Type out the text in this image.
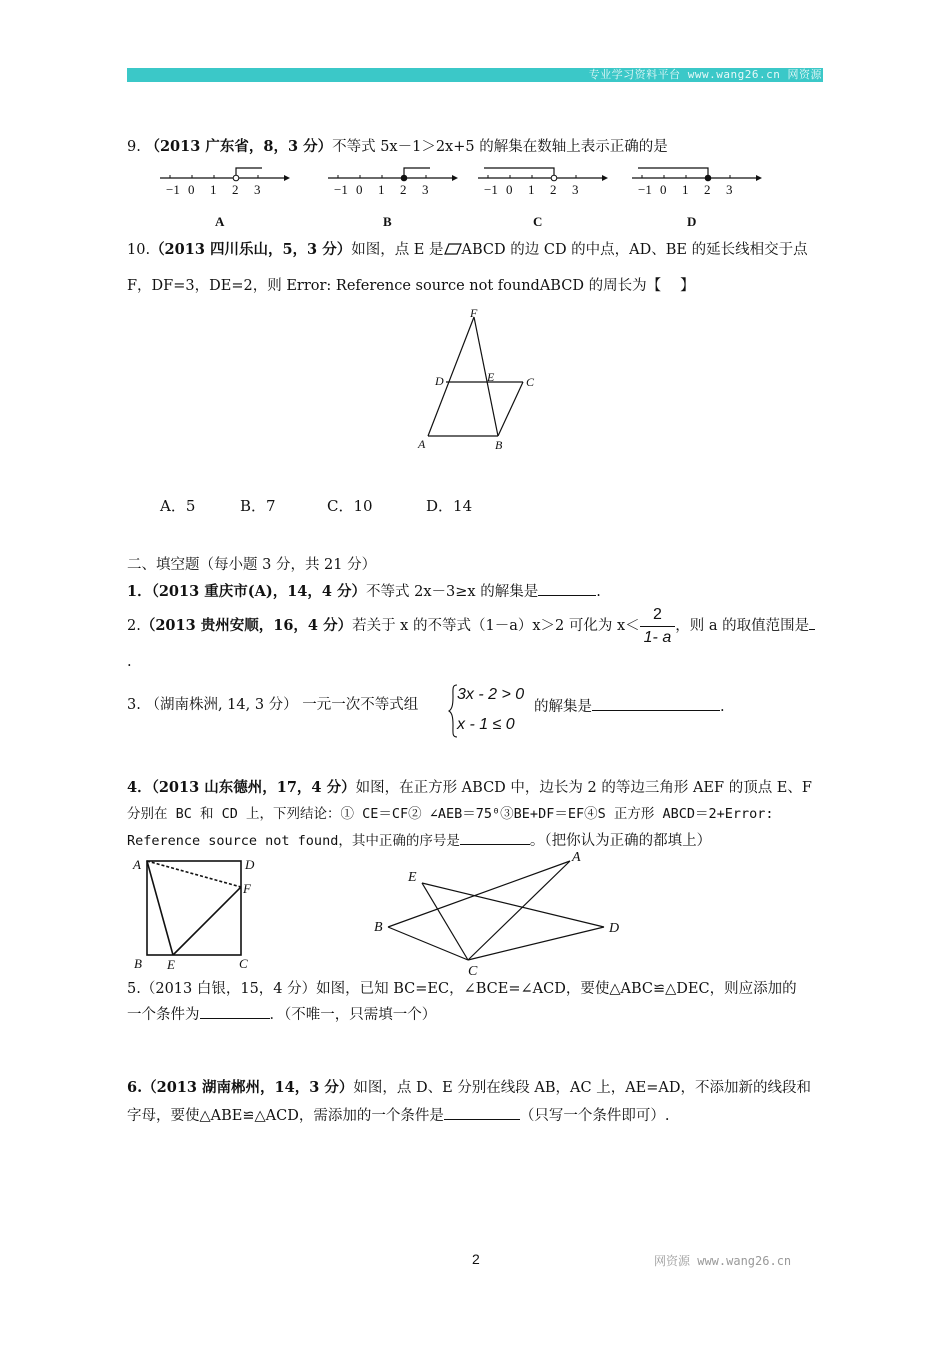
专业学习资料平台 www.wang26.cn 网资源
9. （2013 广东省，8，3 分）不等式 5x－1＞2x+5 的解集在数轴上表示正确的是
−1 0 1 2 3
A
−1 0 1 2 3
B
−1 0 1 2 3
C
−1 0 1 2 3
D
10.（2013 四川乐山，5，3 分）如图，点 E 是 ABCD 的边 CD 的中点，AD、BE 的延长线相交于点
F，DF=3，DE=2，则 Error: Reference source not foundABCD 的周长为【　 】
F
D	E	C
A	B
A．5	B．7	C．10	D．14
二、填空题（每小题 3 分，共 21 分）
1．（2013 重庆市(A)，14，4 分）不等式 2x－3≥x 的解集是	.
2.（2013 贵州安顺，16，4 分）若关于 x 的不等式（1－a）x＞2 可化为 $x< \frac{2}{1- a}$ ，则 a 的取值范围是
.
3. （湖南株洲, 14, 3 分） 一元一次不等式组
3x - 2 > 0
x - 1 ≤ 0
的解集是	.
4．（2013 山东德州，17，4 分）如图，在正方形 ABCD 中，边长为 2 的等边三角形 AEF 的顶点 E、F
分别在 BC 和 CD 上，下列结论：① CE＝CF② ∠AEB＝75⁰③BE+DF＝EF④S 正方形 ABCD＝2+Error:
Reference source not found，其中正确的序号是	。（把你认为正确的都填上）
A	D
F
B E	C
E
A
B	D
C
5.（2013 白银，15，4 分）如图，已知 BC=EC，∠BCE=∠ACD，要使△ABC≌△DEC，则应添加的
一个条件为	．（不唯一，只需填一个）
6.（2013 湖南郴州，14，3 分）如图，点 D、E 分别在线段 AB，AC 上，AE=AD，不添加新的线段和
字母，要使△ABE≌△ACD，需添加的一个条件是	（只写一个条件即可）.
2	网资源 www.wang26.cn
